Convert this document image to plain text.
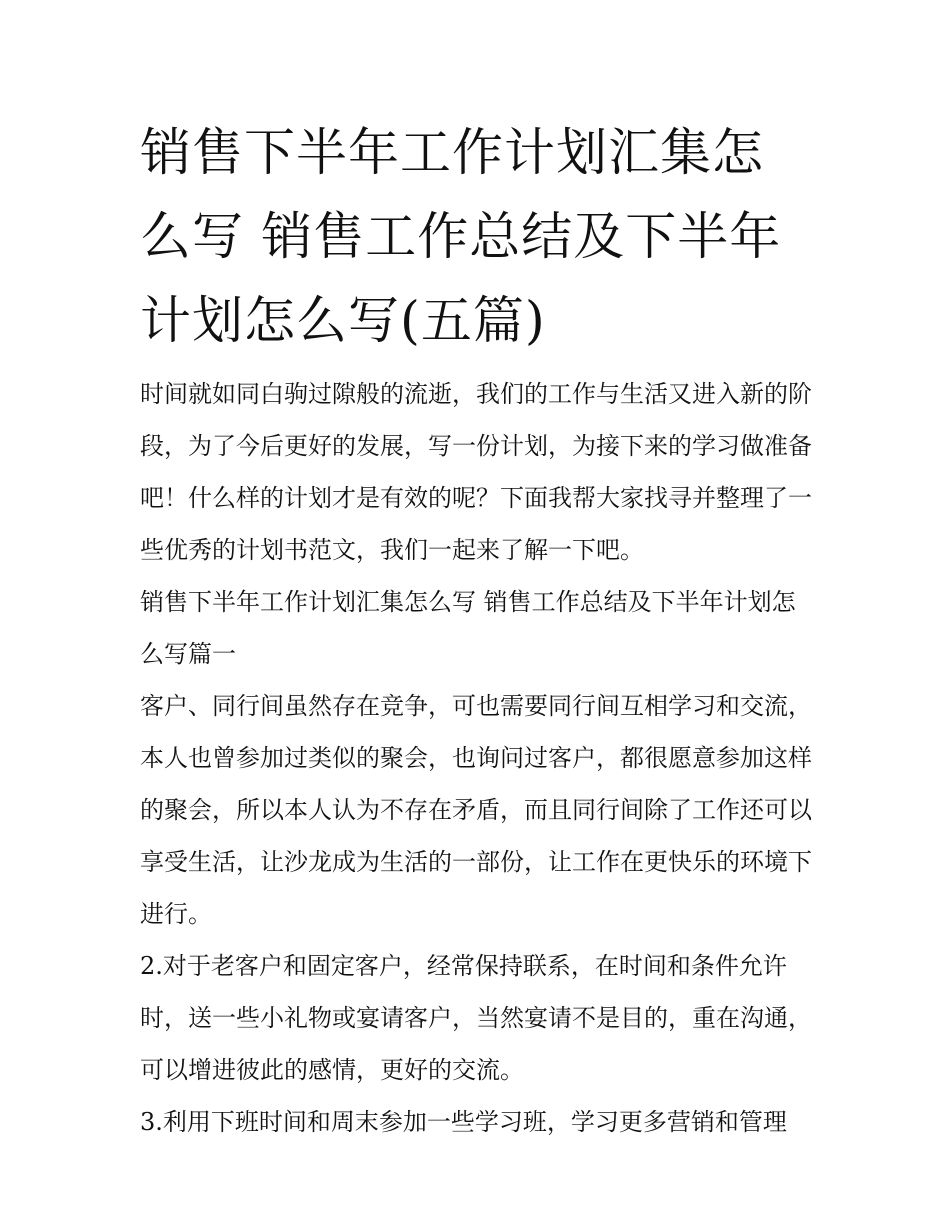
销售下半年工作计划汇集怎么写 销售工作总结及下半年计划怎么写(五篇)

时间就如同白驹过隙般的流逝，我们的工作与生活又进入新的阶段，为了今后更好的发展，写一份计划，为接下来的学习做准备吧！什么样的计划才是有效的呢？下面我帮大家找寻并整理了一些优秀的计划书范文，我们一起来了解一下吧。

销售下半年工作计划汇集怎么写 销售工作总结及下半年计划怎么写篇一

客户、同行间虽然存在竞争，可也需要同行间互相学习和交流，本人也曾参加过类似的聚会，也询问过客户，都很愿意参加这样的聚会，所以本人认为不存在矛盾，而且同行间除了工作还可以享受生活，让沙龙成为生活的一部份，让工作在更快乐的环境下进行。

2.对于老客户和固定客户，经常保持联系，在时间和条件允许时，送一些小礼物或宴请客户，当然宴请不是目的，重在沟通，可以增进彼此的感情，更好的交流。

3.利用下班时间和周末参加一些学习班，学习更多营销和管理
